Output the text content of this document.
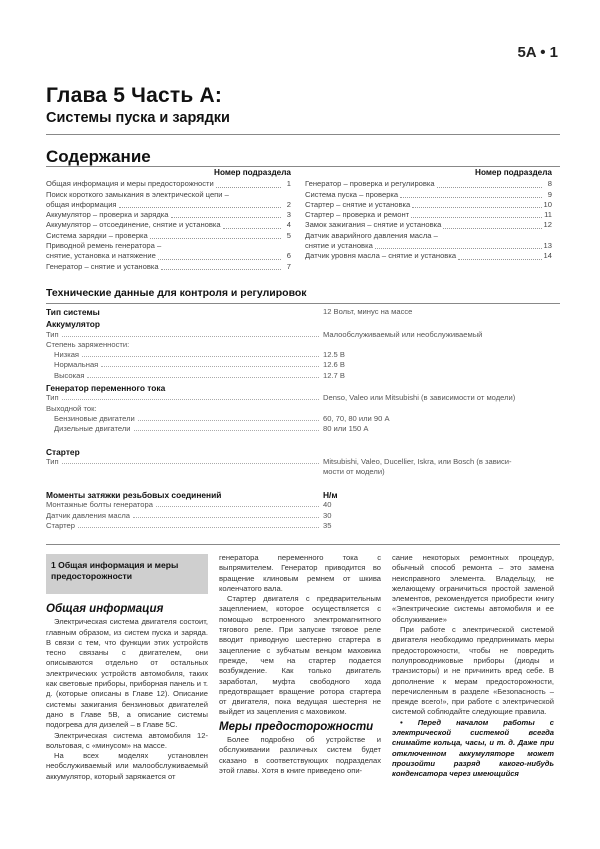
5A • 1
Глава 5 Часть А:
Системы пуска и зарядки
Содержание
Номер подраздела
Общая информация и меры предосторожности	1
Поиск короткого замыкания в электрической цепи –
общая информация	2
Аккумулятор – проверка и зарядка	3
Аккумулятор – отсоединение, снятие и установка	4
Система зарядки – проверка	5
Приводной ремень генератора –
снятие, установка и натяжение	6
Генератор – снятие и установка	7
Номер подраздела
Генератор – проверка и регулировка	8
Система пуска – проверка	9
Стартер – снятие и установка	10
Стартер – проверка и ремонт	11
Замок зажигания – снятие и установка	12
Датчик аварийного давления масла –
снятие и установка	13
Датчик уровня масла – снятие и установка	14
Технические данные для контроля и регулировок
Тип системы	12 Вольт, минус на массе
Аккумулятор
Тип	Малообслуживаемый или необслуживаемый
Степень заряженности:
Низкая	12.5 В
Нормальная	12.6 В
Высокая	12.7 В
Генератор переменного тока
Тип	Denso, Valeo или Mitsubishi (в зависимости от модели)
Выходной ток:
Бензиновые двигатели	60, 70, 80 или 90 А
Дизельные двигатели	80 или 150 А
Стартер
Тип	Mitsubishi, Valeo, Ducellier, Iskra, или Bosch (в зависи-
мости от модели)
Моменты затяжки резьбовых соединений	Н/м
Монтажные болты генератора	40
Датчик давления масла	30
Стартер	35
1 Общая информация и меры предосторожности
Общая информация

Электрическая система двигателя состоит, главным образом, из систем пуска и заряда. В связи с тем, что функции этих устройств тесно связаны с двигателем, они описываются отдельно от остальных электрических устройств автомобиля, таких как световые приборы, приборная панель и т. д. (которые описаны в Главе 12). Описание системы зажигания бензиновых двигателей дано в Главе 5В, а описание системы подогрева для дизелей – в Главе 5С.

Электрическая система автомобиля 12-вольтовая, с «минусом» на массе.

На всех моделях установлен необслуживаемый или малообслуживаемый аккумулятор, который заряжается от

генератора переменного тока с выпрямителем. Генератор приводится во вращение клиновым ремнем от шкива коленчатого вала.

Стартер двигателя с предварительным зацеплением, которое осуществляется с помощью встроенного электромагнитного тягового реле. При запуске тяговое реле вводит приводную шестерню стартера в зацепление с зубчатым венцом маховика прежде, чем на стартер подается возбуждение. Как только двигатель заработал, муфта свободного хода предотвращает вращение ротора стартера от двигателя, пока ведущая шестерня не выйдет из зацепления с маховиком.

Меры предосторожности

Более подробно об устройстве и обслуживании различных систем будет сказано в соответствующих подразделах этой главы. Хотя в книге приведено опи-

сание некоторых ремонтных процедур, обычный способ ремонта – это замена неисправного элемента. Владельцу, не желающему ограничиться простой заменой элементов, рекомендуется приобрести книгу «Электрические системы автомобиля и ее обслуживание»

При работе с электрической системой двигателя необходимо предпринимать меры предосторожности, чтобы не повредить полупроводниковые приборы (диоды и транзисторы) и не причинить вред себе. В дополнение к мерам предосторожности, перечисленным в разделе «Безопасность – прежде всего!», при работе с электрической системой соблюдайте следующие правила.

• Перед началом работы с электрической системой всегда снимайте кольца, часы, и т. д. Даже при отключенном аккумуляторе может произойти разряд какого-нибудь конденсатора через имеющийся
